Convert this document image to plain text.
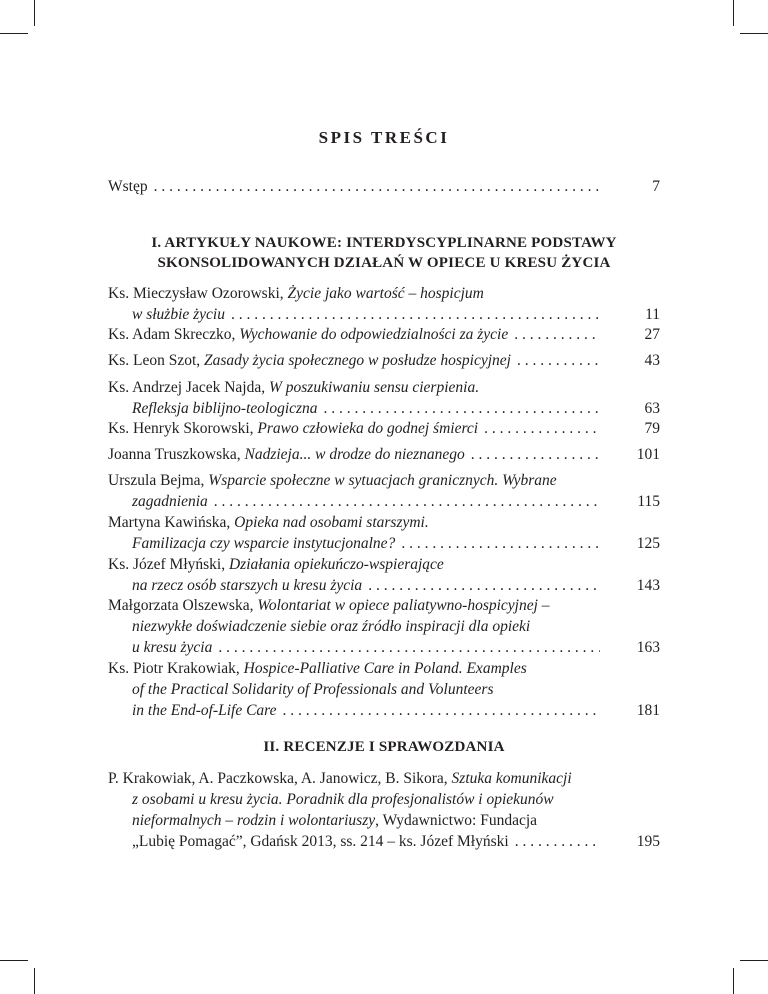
SPIS TREŚCI
Wstęp . . .	7
I. ARTYKUŁY NAUKOWE: INTERDYSCYPLINARNE PODSTAWY
SKONSOLIDOWANYCH DZIAŁAŃ W OPIECE U KRESU ŻYCIA
Ks. Mieczysław Ozorowski, Życie jako wartość – hospicjum
w służbie życiu . . .	11
Ks. Adam Skreczko, Wychowanie do odpowiedzialności za życie . . .	27
Ks. Leon Szot, Zasady życia społecznego w posłudze hospicyjnej . . .	43
Ks. Andrzej Jacek Najda, W poszukiwaniu sensu cierpienia.
Refleksja biblijno-teologiczna . . .	63
Ks. Henryk Skorowski, Prawo człowieka do godnej śmierci . . .	79
Joanna Truszkowska, Nadzieja... w drodze do nieznanego . . .	101
Urszula Bejma, Wsparcie społeczne w sytuacjach granicznych. Wybrane
zagadnienia . . .	115
Martyna Kawińska, Opieka nad osobami starszymi.
Familizacja czy wsparcie instytucjonalne? . . .	125
Ks. Józef Młyński, Działania opiekuńczo-wspierające
na rzecz osób starszych u kresu życia . . .	143
Małgorzata Olszewska, Wolontariat w opiece paliatywno-hospicyjnej –
niezwykłe doświadczenie siebie oraz źródło inspiracji dla opieki
u kresu życia . . .	163
Ks. Piotr Krakowiak, Hospice-Palliative Care in Poland. Examples
of the Practical Solidarity of Professionals and Volunteers
in the End-of-Life Care . . .	181
II. RECENZJE I SPRAWOZDANIA
P. Krakowiak, A. Paczkowska, A. Janowicz, B. Sikora, Sztuka komunikacji
z osobami u kresu życia. Poradnik dla profesjonalistów i opiekunów
nieformalnych – rodzin i wolontariuszy, Wydawnictwo: Fundacja
„Lubię Pomagać”, Gdańsk 2013, ss. 214 – ks. Józef Młyński . . .	195
